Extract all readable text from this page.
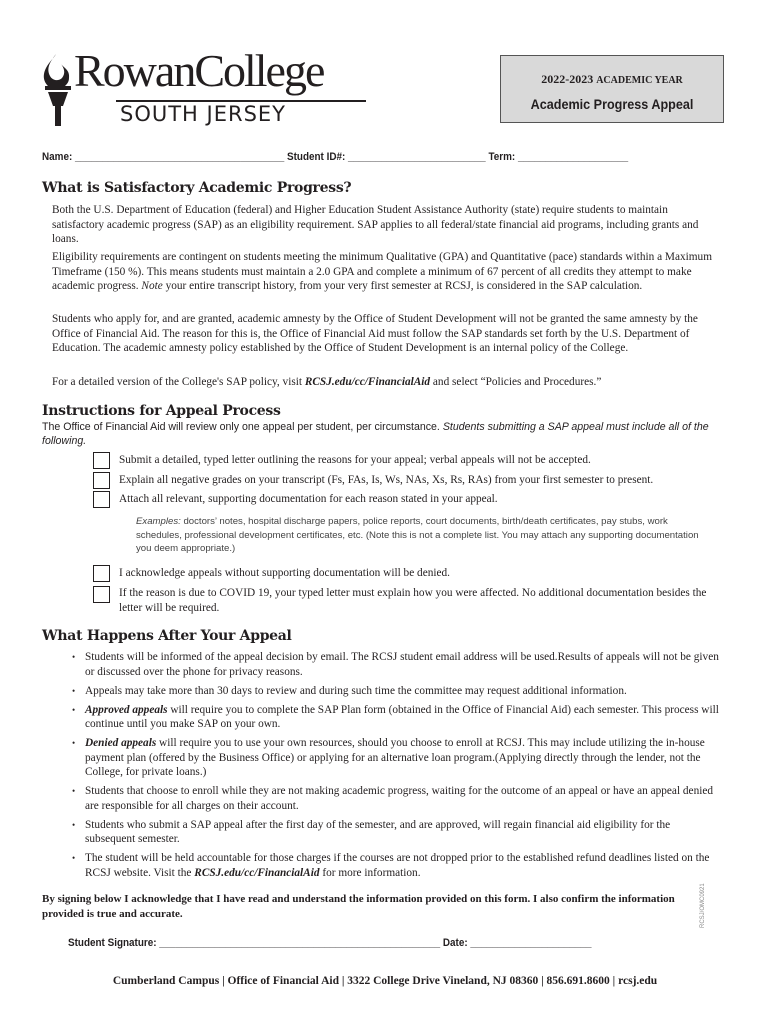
RowanCollege
SOUTH JERSEY
2022-2023 ACADEMIC YEAR
Academic Progress Appeal
Name: ______________________________________ Student ID#: _________________________ Term: ____________________
What is Satisfactory Academic Progress?

Both the U.S. Department of Education (federal) and Higher Education Student Assistance Authority (state) require students to maintain satisfactory academic progress (SAP) as an eligibility requirement. SAP applies to all federal/state financial aid programs, including grants and loans.

Eligibility requirements are contingent on students meeting the minimum Qualitative (GPA) and Quantitative (pace) standards within a Maximum Timeframe (150 %). This means students must maintain a 2.0 GPA and complete a minimum of 67 percent of all credits they attempt to make academic progress. Note your entire transcript history, from your very first semester at RCSJ, is considered in the SAP calculation.

Students who apply for, and are granted, academic amnesty by the Office of Student Development will not be granted the same amnesty by the Office of Financial Aid. The reason for this is, the Office of Financial Aid must follow the SAP standards set forth by the U.S. Department of Education. The academic amnesty policy established by the Office of Student Development is an internal policy of the College.

For a detailed version of the College's SAP policy, visit RCSJ.edu/cc/FinancialAid and select “Policies and Procedures.”

Instructions for Appeal Process

The Office of Financial Aid will review only one appeal per student, per circumstance. Students submitting a SAP appeal must include all of the following.

Submit a detailed, typed letter outlining the reasons for your appeal; verbal appeals will not be accepted.
Explain all negative grades on your transcript (Fs, FAs, Is, Ws, NAs, Xs, Rs, RAs) from your first semester to present.
Attach all relevant, supporting documentation for each reason stated in your appeal.
Examples: doctors’ notes, hospital discharge papers, police reports, court documents, birth/death certificates, pay stubs, work schedules, professional development certificates, etc. (Note this is not a complete list. You may attach any supporting documentation you deem appropriate.)
I acknowledge appeals without supporting documentation will be denied.
If the reason is due to COVID 19, your typed letter must explain how you were affected. No additional documentation besides the letter will be required.
What Happens After Your Appeal
• Students will be informed of the appeal decision by email. The RCSJ student email address will be used.Results of appeals will not be given or discussed over the phone for privacy reasons.
• Appeals may take more than 30 days to review and during such time the committee may request additional information.
• Approved appeals will require you to complete the SAP Plan form (obtained in the Office of Financial Aid) each semester. This process will continue until you make SAP on your own.
• Denied appeals will require you to use your own resources, should you choose to enroll at RCSJ. This may include utilizing the in-house payment plan (offered by the Business Office) or applying for an alternative loan program.(Applying directly through the lender, not the College, for private loans.)
• Students that choose to enroll while they are not making academic progress, waiting for the outcome of an appeal or have an appeal denied are responsible for all charges on their account.
• Students who submit a SAP appeal after the first day of the semester, and are approved, will regain financial aid eligibility for the subsequent semester.
• The student will be held accountable for those charges if the courses are not dropped prior to the established refund deadlines listed on the RCSJ website. Visit the RCSJ.edu/cc/FinancialAid for more information.

By signing below I acknowledge that I have read and understand the information provided on this form. I also confirm the information provided is true and accurate.

Student Signature: ___________________________________________________ Date: ______________________
Cumberland Campus | Office of Financial Aid | 3322 College Drive Vineland, NJ 08360 | 856.691.8600 | rcsj.edu
RCSJ/OMC0921
